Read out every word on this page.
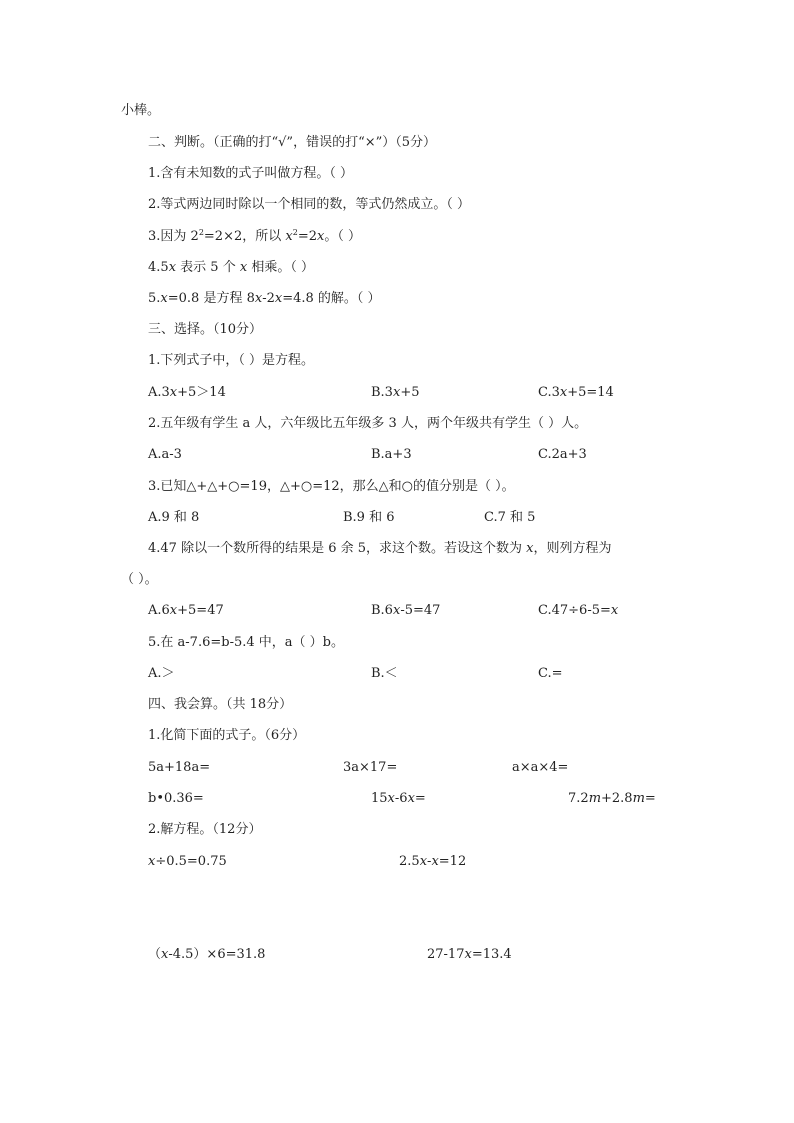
小棒。
二、判断。（正确的打“√”，错误的打“×”）（5分）
1.含有未知数的式子叫做方程。（ ）
2.等式两边同时除以一个相同的数，等式仍然成立。（ ）
3.因为 $2^2=2\times 2$，所以 $x^2=2x$。（ ）
4.5x 表示 5 个 x 相乘。（ ）
5.x=0.8 是方程 8x-2x=4.8 的解。（ ）
三、选择。（10分）
1.下列式子中，（ ）是方程。
A.3x+5＞14	B.3x+5	C.3x+5=14
2.五年级有学生 a 人，六年级比五年级多 3 人，两个年级共有学生（ ）人。
A.a-3	B.a+3	C.2a+3
3.已知△+△+○=19，△+○=12，那么△和○的值分别是（ ）。
A.9 和 8	B.9 和 6	C.7 和 5
4.47 除以一个数所得的结果是 6 余 5，求这个数。若设这个数为 x，则列方程为
（ ）。
A.6x+5=47	B.6x-5=47	C.47÷6-5=x
5.在 a-7.6=b-5.4 中，a（ ）b。
A.＞	B.＜	C.=
四、我会算。（共 18分）
1.化简下面的式子。（6分）
5a+18a=	3a×17=	a×a×4=
b•0.36=	15x-6x=	7.2m+2.8m=
2.解方程。（12分）
x÷0.5=0.75	2.5x-x=12
（x-4.5）×6=31.8	27-17x=13.4
